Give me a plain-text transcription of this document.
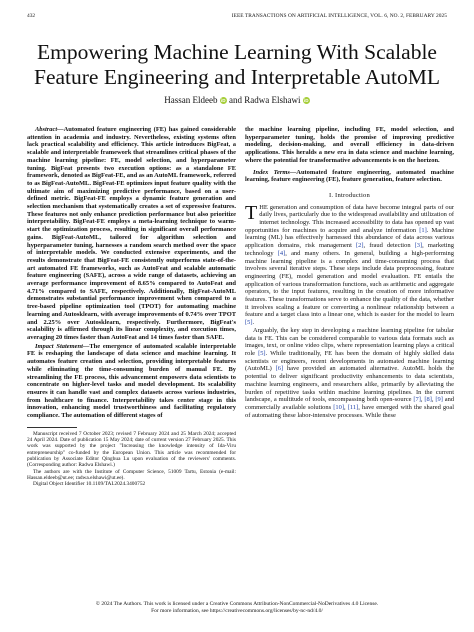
432	IEEE TRANSACTIONS ON ARTIFICIAL INTELLIGENCE, VOL. 6, NO. 2, FEBRUARY 2025
Empowering Machine Learning With Scalable Feature Engineering and Interpretable AutoML
Hassan Eldeeb iD and Radwa Elshawi iD

Abstract—Automated feature engineering (FE) has gained considerable attention in academia and industry. Nevertheless, existing systems often lack practical scalability and efficiency. This article introduces BigFeat, a scalable and interpretable framework that streamlines critical phases of the machine learning pipeline: FE, model selection, and hyperparameter tuning. BigFeat presents two execution options: as a standalone FE framework, denoted as BigFeat-FE, and as an AutoML framework, referred to as BigFeat-AutoML. BigFeat-FE optimizes input feature quality with the ultimate aim of maximizing predictive performance, based on a user-defined metric. BigFeat-FE employs a dynamic feature generation and selection mechanism that systematically creates a set of expressive features. These features not only enhance prediction performance but also prioritize interpretability. BigFeat-FE employs a meta-learning technique to warm-start the optimization process, resulting in significant overall performance gains. BigFeat-AutoML, tailored for algorithm selection and hyperparameter tuning, harnesses a random search method over the space of interpretable models. We conducted extensive experiments, and the results demonstrate that BigFeat-FE consistently outperforms state-of-the-art automated FE frameworks, such as AutoFeat and scalable automatic feature engineering (SAFE), across a wide range of datasets, achieving an average performance improvement of 8.65% compared to AutoFeat and 4.71% compared to SAFE, respectively. Additionally, BigFeat-AutoML demonstrates substantial performance improvement when compared to a tree-based pipeline optimization tool (TPOT) for automating machine learning and Autosklearn, with average improvements of 0.74% over TPOT and 2.25% over Autosklearn, respectively. Furthermore, BigFeat's scalability is affirmed through its linear complexity, and execution times, averaging 20 times faster than AutoFeat and 14 times faster than SAFE.

Impact Statement—The emergence of automated scalable interpretable FE is reshaping the landscape of data science and machine learning. It automates feature creation and selection, providing interpretable features while eliminating the time-consuming burden of manual FE. By streamlining the FE process, this advancement empowers data scientists to concentrate on higher-level tasks and model development. Its scalability ensures it can handle vast and complex datasets across various industries, from healthcare to finance. Interpretability takes center stage in this innovation, enhancing model trustworthiness and facilitating regulatory compliance. The automation of different stages of

Manuscript received 7 October 2023; revised 7 February 2024 and 25 March 2024; accepted 24 April 2024. Date of publication 15 May 2024; date of current version 27 February 2025. This work was supported by the project "Increasing the knowledge intensity of Ida-Viru entrepreneurship" co-funded by the European Union. This article was recommended for publication by Associate Editor Qinghua Lu upon evaluation of the reviewers' comments. (Corresponding author: Radwa Elshawi.)

The authors are with the Institute of Computer Science, 51009 Tartu, Estonia (e-mail: Hassan.eldeeb@ut.ee; radwa.elshawi@ut.ee).

Digital Object Identifier 10.1109/TAI.2024.3400752

the machine learning pipeline, including FE, model selection, and hyperparameter tuning, holds the promise of improving predictive modeling, decision-making, and overall efficiency in data-driven applications. This heralds a new era in data science and machine learning, where the potential for transformative advancements is on the horizon.

Index Terms—Automated feature engineering, automated machine learning, feature engineering (FE), feature generation, feature selection.

I. Introduction

THE generation and consumption of data have become integral parts of our daily lives, particularly due to the widespread availability and utilization of internet technology. This increased accessibility to data has opened up vast opportunities for machines to acquire and analyze information [1]. Machine learning (ML) has effectively harnessed this abundance of data across various application domains, risk management [2], fraud detection [3], marketing technology [4], and many others. In general, building a high-performing machine learning pipeline is a complex and time-consuming process that involves several iterative steps. These steps include data preprocessing, feature engineering (FE), model generation and model evaluation. FE entails the application of various transformation functions, such as arithmetic and aggregate operators, to the input features, resulting in the creation of more informative features. These transformations serve to enhance the quality of the data, whether it involves scaling a feature or converting a nonlinear relationship between a feature and a target class into a linear one, which is easier for the model to learn [5].

Arguably, the key step in developing a machine learning pipeline for tabular data is FE. This can be considered comparable to various data formats such as images, text, or online video clips, where representation learning plays a critical role [5]. While traditionally, FE has been the domain of highly skilled data scientists or engineers, recent developments in automated machine learning (AutoML) [6] have provided an automated alternative. AutoML holds the potential to deliver significant productivity enhancements to data scientists, machine learning engineers, and researchers alike, primarily by alleviating the burden of repetitive tasks within machine learning pipelines. In the current landscape, a multitude of tools, encompassing both open-source [7], [8], [9] and commercially available solutions [10], [11], have emerged with the shared goal of automating these labor-intensive processes. While these

© 2024 The Authors. This work is licensed under a Creative Commons Attribution-NonCommercial-NoDerivatives 4.0 License.
For more information, see https://creativecommons.org/licenses/by-nc-nd/4.0/
